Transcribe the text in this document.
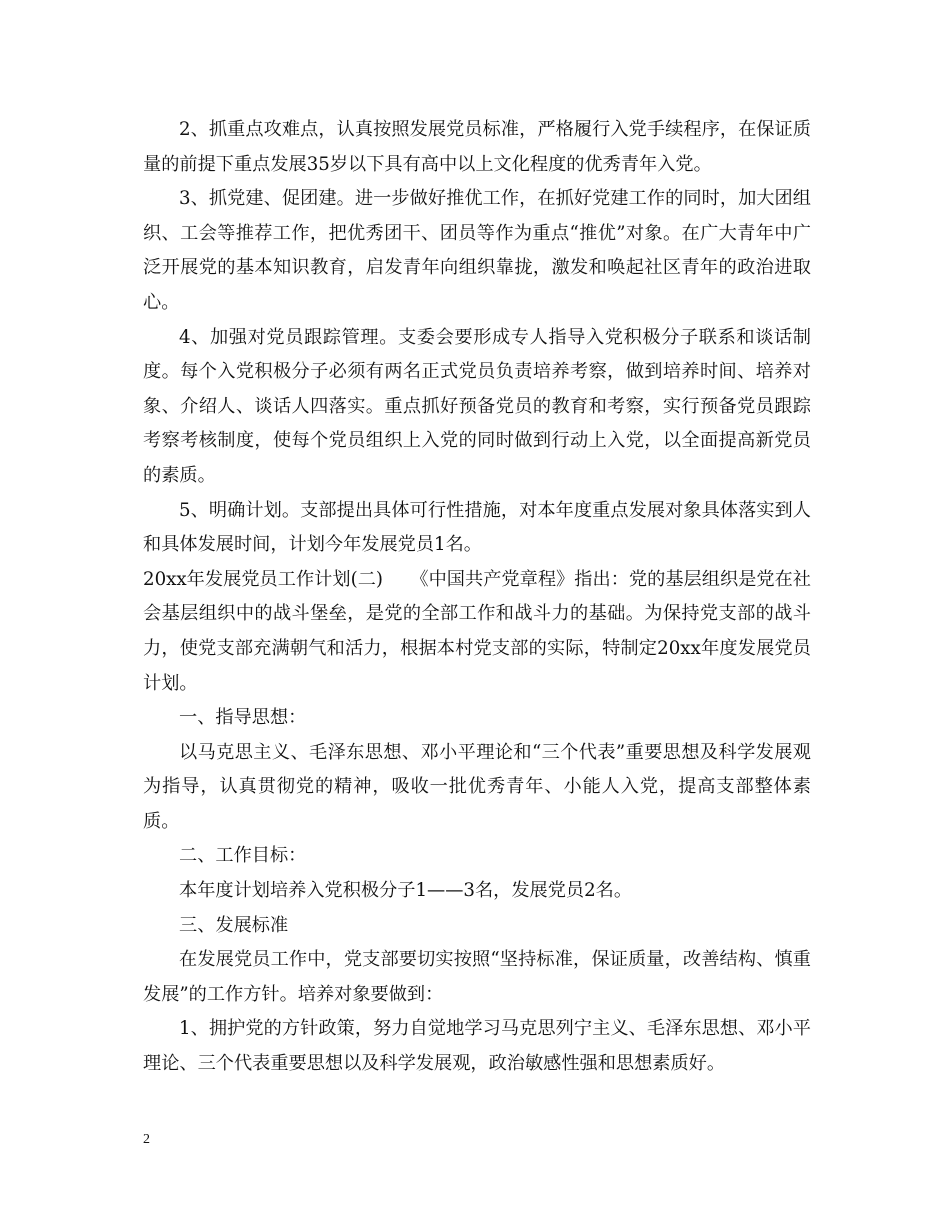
2、抓重点攻难点，认真按照发展党员标准，严格履行入党手续程序，在保证质量的前提下重点发展35岁以下具有高中以上文化程度的优秀青年入党。

3、抓党建、促团建。进一步做好推优工作，在抓好党建工作的同时，加大团组织、工会等推荐工作，把优秀团干、团员等作为重点“推优”对象。在广大青年中广泛开展党的基本知识教育，启发青年向组织靠拢，激发和唤起社区青年的政治进取心。

4、加强对党员跟踪管理。支委会要形成专人指导入党积极分子联系和谈话制度。每个入党积极分子必须有两名正式党员负责培养考察，做到培养时间、培养对象、介绍人、谈话人四落实。重点抓好预备党员的教育和考察，实行预备党员跟踪考察考核制度，使每个党员组织上入党的同时做到行动上入党，以全面提高新党员的素质。

5、明确计划。支部提出具体可行性措施，对本年度重点发展对象具体落实到人和具体发展时间，计划今年发展党员1名。

20xx年发展党员工作计划(二)　　《中国共产党章程》指出：党的基层组织是党在社会基层组织中的战斗堡垒，是党的全部工作和战斗力的基础。为保持党支部的战斗力，使党支部充满朝气和活力，根据本村党支部的实际，特制定20xx年度发展党员计划。

一、指导思想：

以马克思主义、毛泽东思想、邓小平理论和“三个代表”重要思想及科学发展观为指导，认真贯彻党的精神，吸收一批优秀青年、小能人入党，提高支部整体素质。

二、工作目标：

本年度计划培养入党积极分子1——3名，发展党员2名。

三、发展标准

在发展党员工作中，党支部要切实按照“坚持标准，保证质量，改善结构、慎重发展”的工作方针。培养对象要做到：

1、拥护党的方针政策，努力自觉地学习马克思列宁主义、毛泽东思想、邓小平理论、三个代表重要思想以及科学发展观，政治敏感性强和思想素质好。

2
